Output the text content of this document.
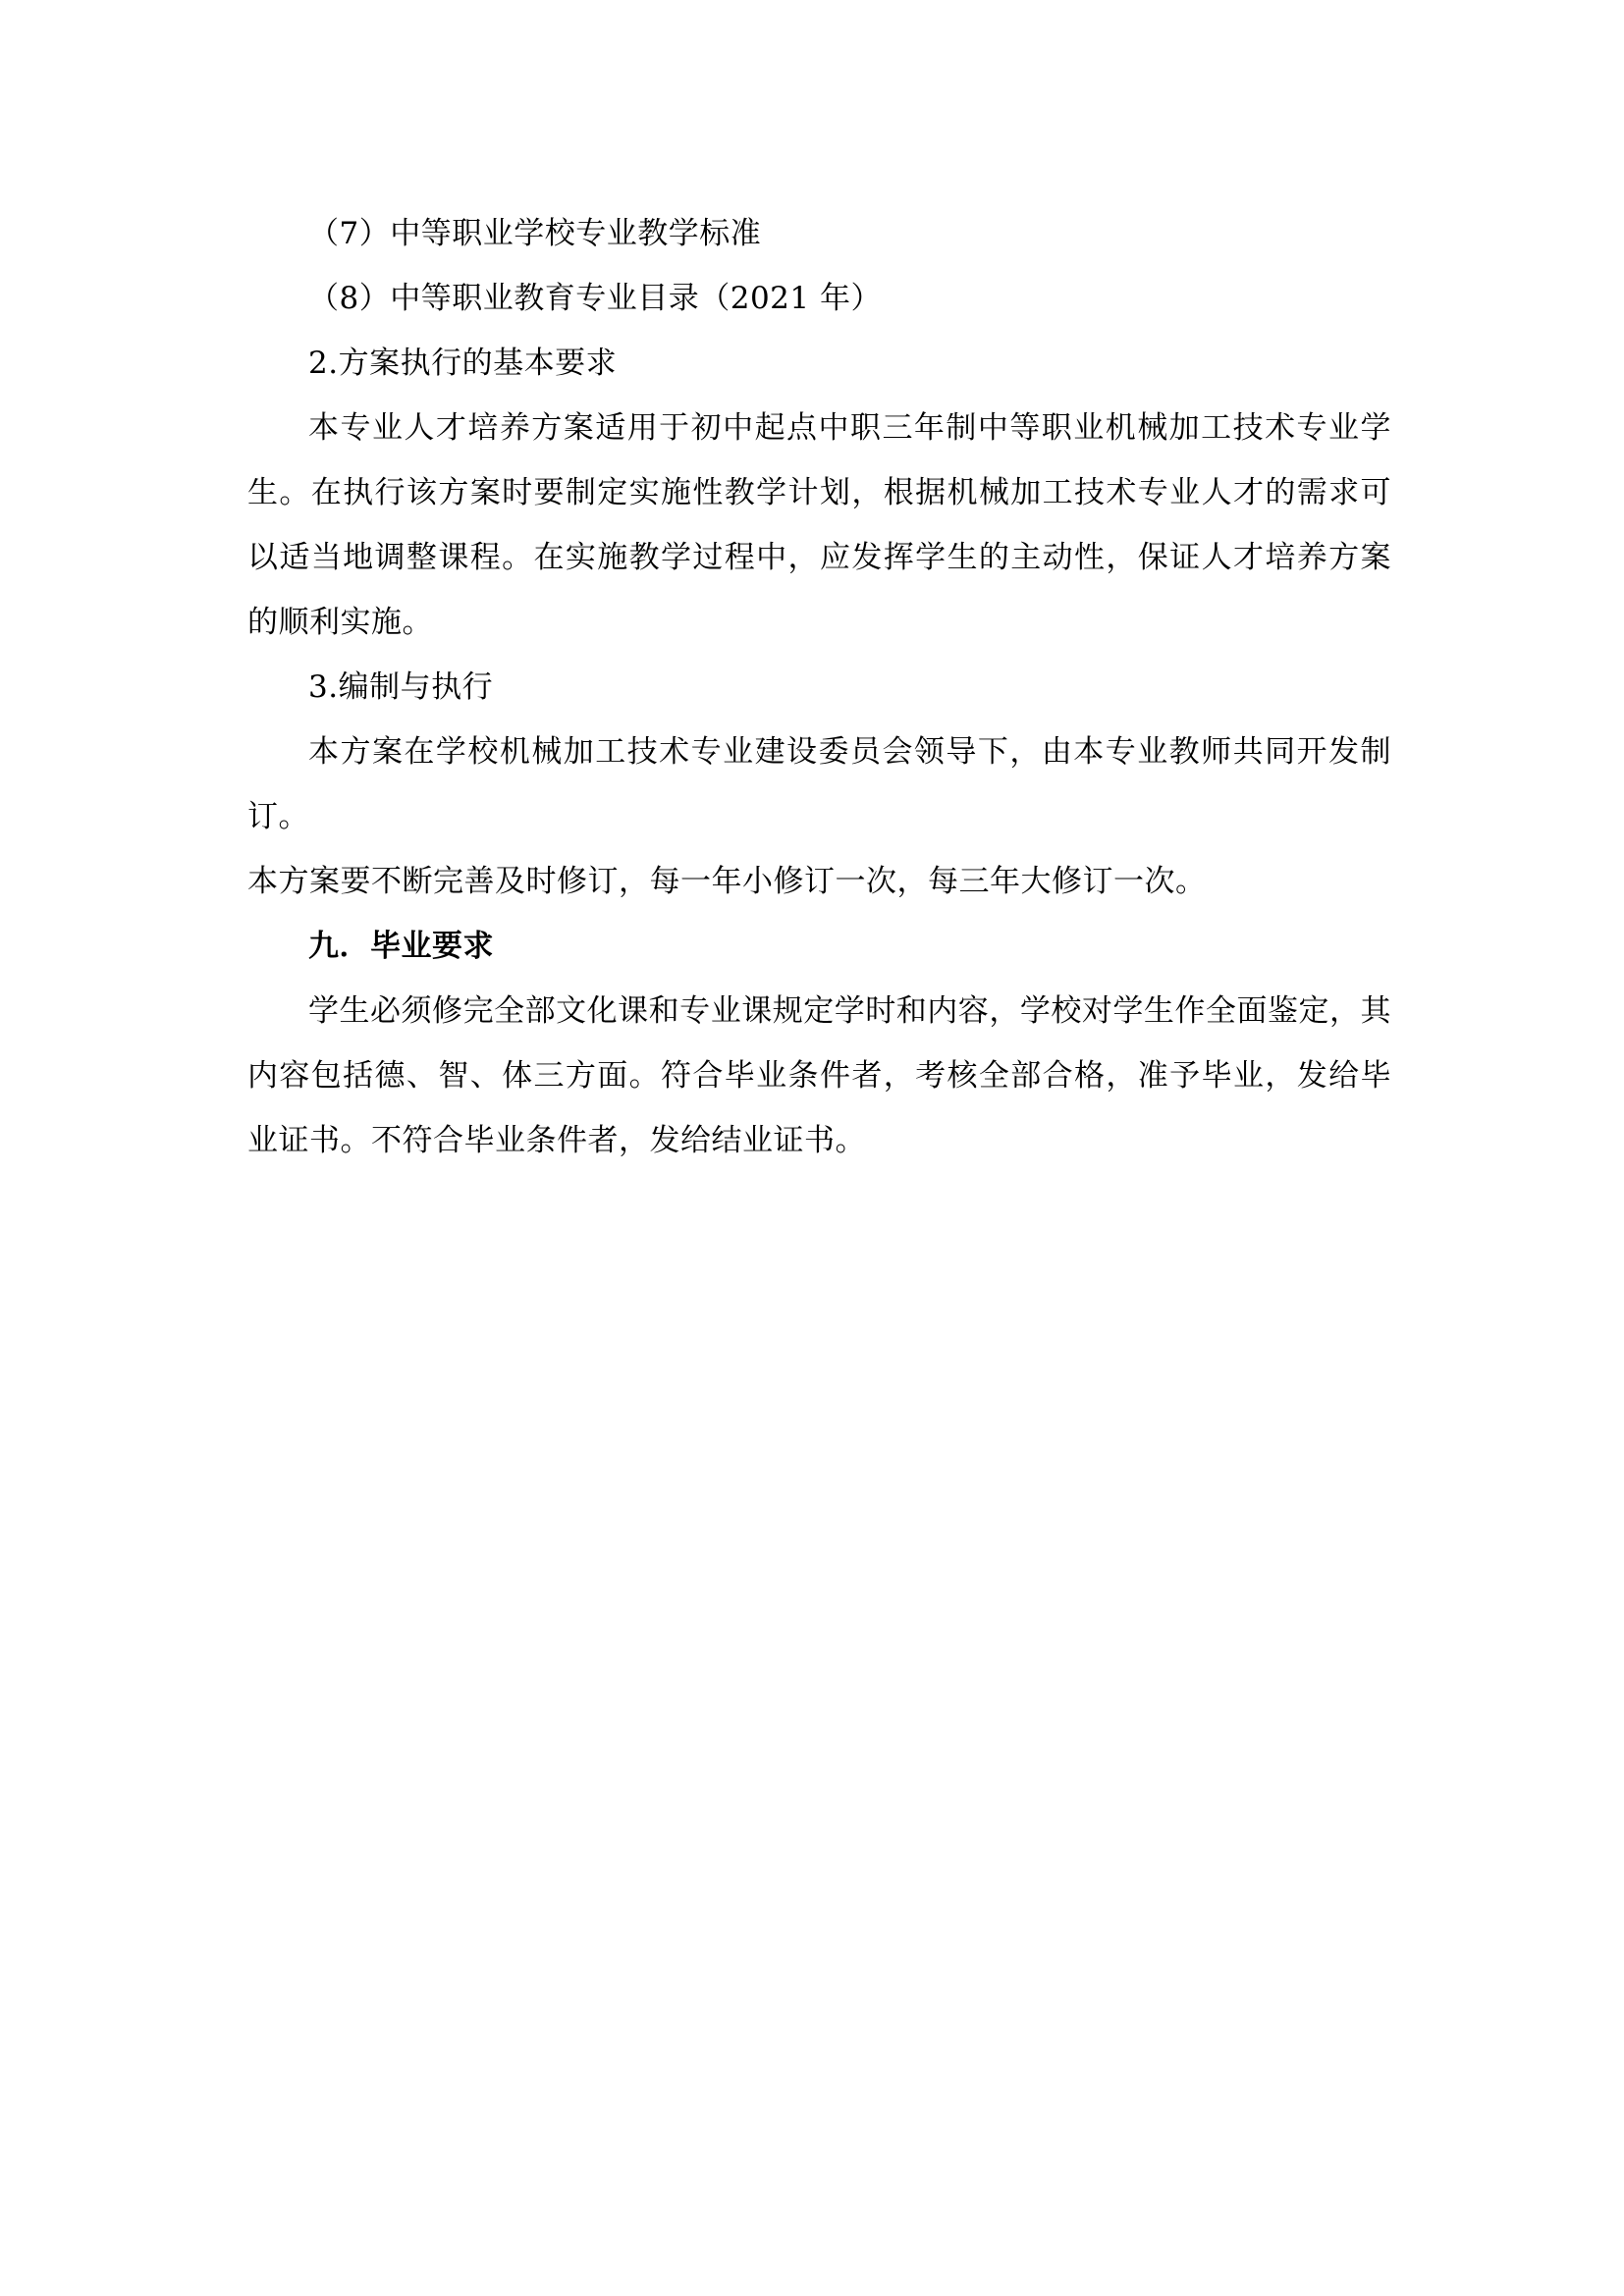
（7）中等职业学校专业教学标准

（8）中等职业教育专业目录（2021 年）

2.方案执行的基本要求

本专业人才培养方案适用于初中起点中职三年制中等职业机械加工技术专业学生。在执行该方案时要制定实施性教学计划，根据机械加工技术专业人才的需求可以适当地调整课程。在实施教学过程中，应发挥学生的主动性，保证人才培养方案的顺利实施。

3.编制与执行

本方案在学校机械加工技术专业建设委员会领导下，由本专业教师共同开发制订。

本方案要不断完善及时修订，每一年小修订一次，每三年大修订一次。

九．毕业要求

学生必须修完全部文化课和专业课规定学时和内容，学校对学生作全面鉴定，其内容包括德、智、体三方面。符合毕业条件者，考核全部合格，准予毕业，发给毕业证书。不符合毕业条件者，发给结业证书。
